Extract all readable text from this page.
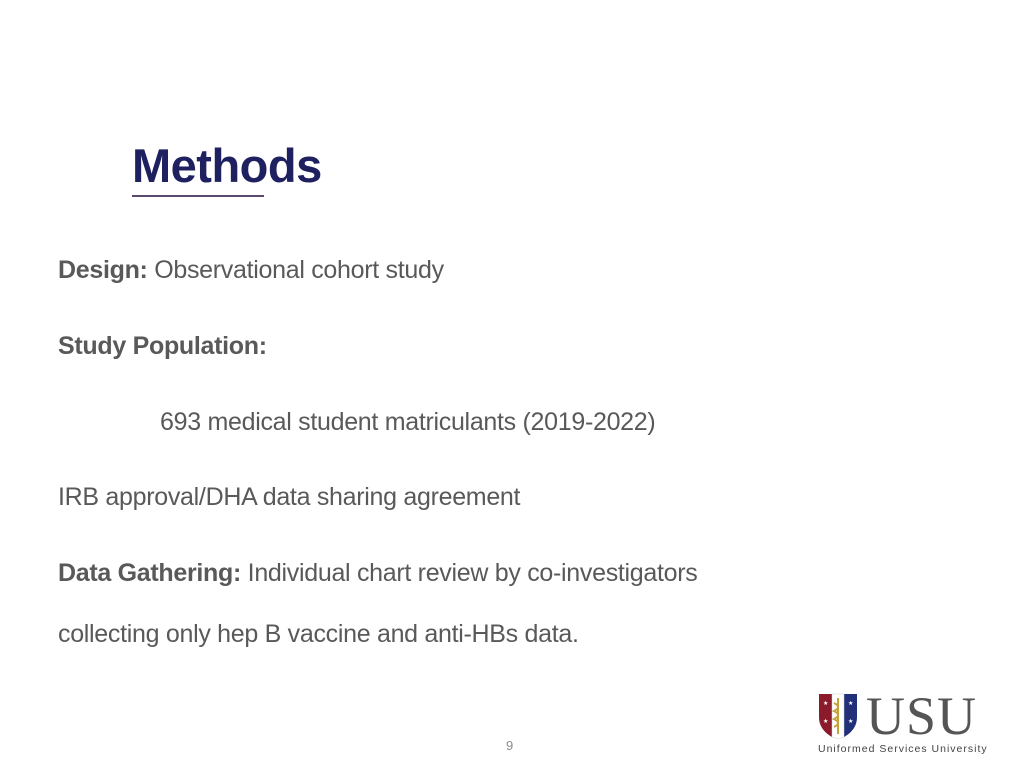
Methods
Design: Observational cohort study
Study Population:
693 medical student matriculants (2019-2022)
IRB approval/DHA data sharing agreement
Data Gathering: Individual chart review by co-investigators
collecting only hep B vaccine and anti-HBs data.
9
★
★
★
★ USU
Uniformed Services University
